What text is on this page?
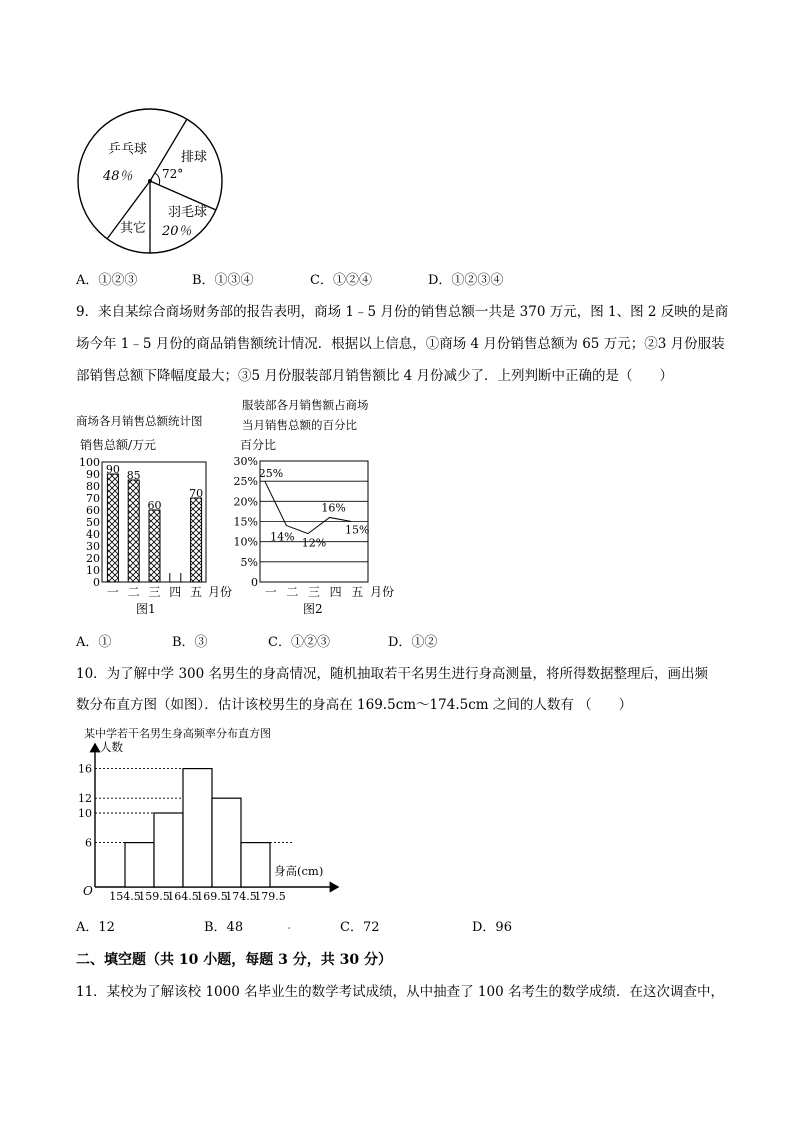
乒乓球
48％
排球
72°
羽毛球
20％
其它
A．①②③	B．①③④	C．①②④	D．①②③④
9．来自某综合商场财务部的报告表明，商场 1﹣5 月份的销售总额一共是 370 万元，图 1、图 2 反映的是商
场今年 1﹣5 月份的商品销售额统计情况．根据以上信息，①商场 4 月份销售总额为 65 万元；②3 月份服装
部销售总额下降幅度最大；③5 月份服装部月销售额比 4 月份减少了．上列判断中正确的是（　　）
商场各月销售总额统计图
销售总额/万元
0
10
20
30
40
50
60
70
80
90
100
90 85
60
70
一 二 三 四 五 月份
图1
服装部各月销售额占商场
当月销售总额的百分比
百分比
0
5%
10%
15%
20%
25%
30%
25%
14% 12%
16%
15%
一 二 三 四 五 月份
图2
A．①	B．③	C．①②③	D．①②
10．为了解中学 300 名男生的身高情况，随机抽取若干名男生进行身高测量，将所得数据整理后，画出频
数分布直方图（如图）．估计该校男生的身高在 169.5cm～174.5cm 之间的人数有 （　　）
某中学若干名男生身高频率分布直方图
人数
O
身高(cm)
6
10
12
16
154.5
159.5
164.5
169.5
174.5
179.5
A．12	B．48	.	C．72	D．96
二、填空题（共 10 小题，每题 3 分，共 30 分）
11．某校为了解该校 1000 名毕业生的数学考试成绩，从中抽查了 100 名考生的数学成绩．在这次调查中，
